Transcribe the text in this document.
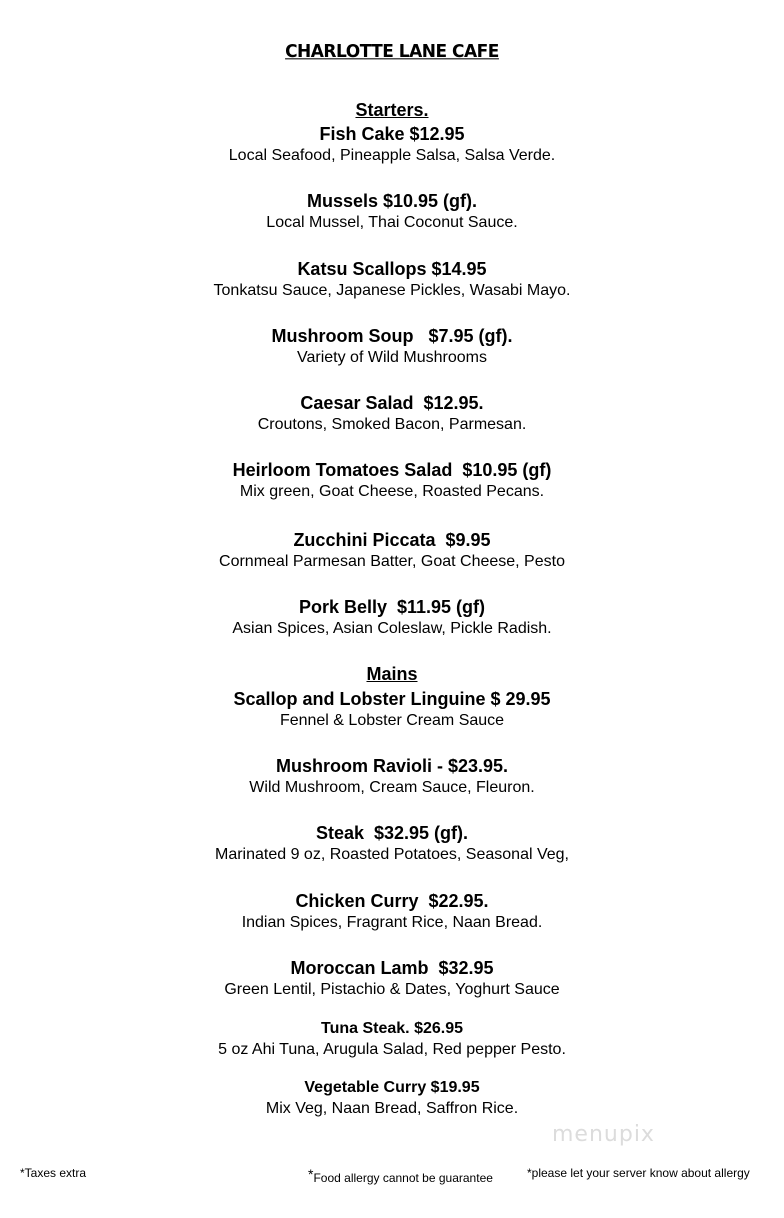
CHARLOTTE LANE CAFE
Starters.
Fish Cake $12.95
Local Seafood, Pineapple Salsa, Salsa Verde.
Mussels $10.95 (gf).
Local Mussel, Thai Coconut Sauce.
Katsu Scallops $14.95
Tonkatsu Sauce, Japanese Pickles, Wasabi Mayo.
Mushroom Soup   $7.95 (gf).
Variety of Wild Mushrooms
Caesar Salad  $12.95.
Croutons, Smoked Bacon, Parmesan.
Heirloom Tomatoes Salad  $10.95 (gf)
Mix green, Goat Cheese, Roasted Pecans.
Zucchini Piccata  $9.95
Cornmeal Parmesan Batter, Goat Cheese, Pesto
Pork Belly  $11.95 (gf)
Asian Spices, Asian Coleslaw, Pickle Radish.
Mains
Scallop and Lobster Linguine $ 29.95
Fennel & Lobster Cream Sauce
Mushroom Ravioli - $23.95.
Wild Mushroom, Cream Sauce, Fleuron.
Steak  $32.95 (gf).
Marinated 9 oz, Roasted Potatoes, Seasonal Veg,
Chicken Curry  $22.95.
Indian Spices, Fragrant Rice, Naan Bread.
Moroccan Lamb  $32.95
Green Lentil, Pistachio & Dates, Yoghurt Sauce
Tuna Steak. $26.95
5 oz Ahi Tuna, Arugula Salad, Red pepper Pesto.
Vegetable Curry $19.95
Mix Veg, Naan Bread, Saffron Rice.
menupix
*Taxes extra	*Food allergy cannot be guarantee	*please let your server know about allergy
